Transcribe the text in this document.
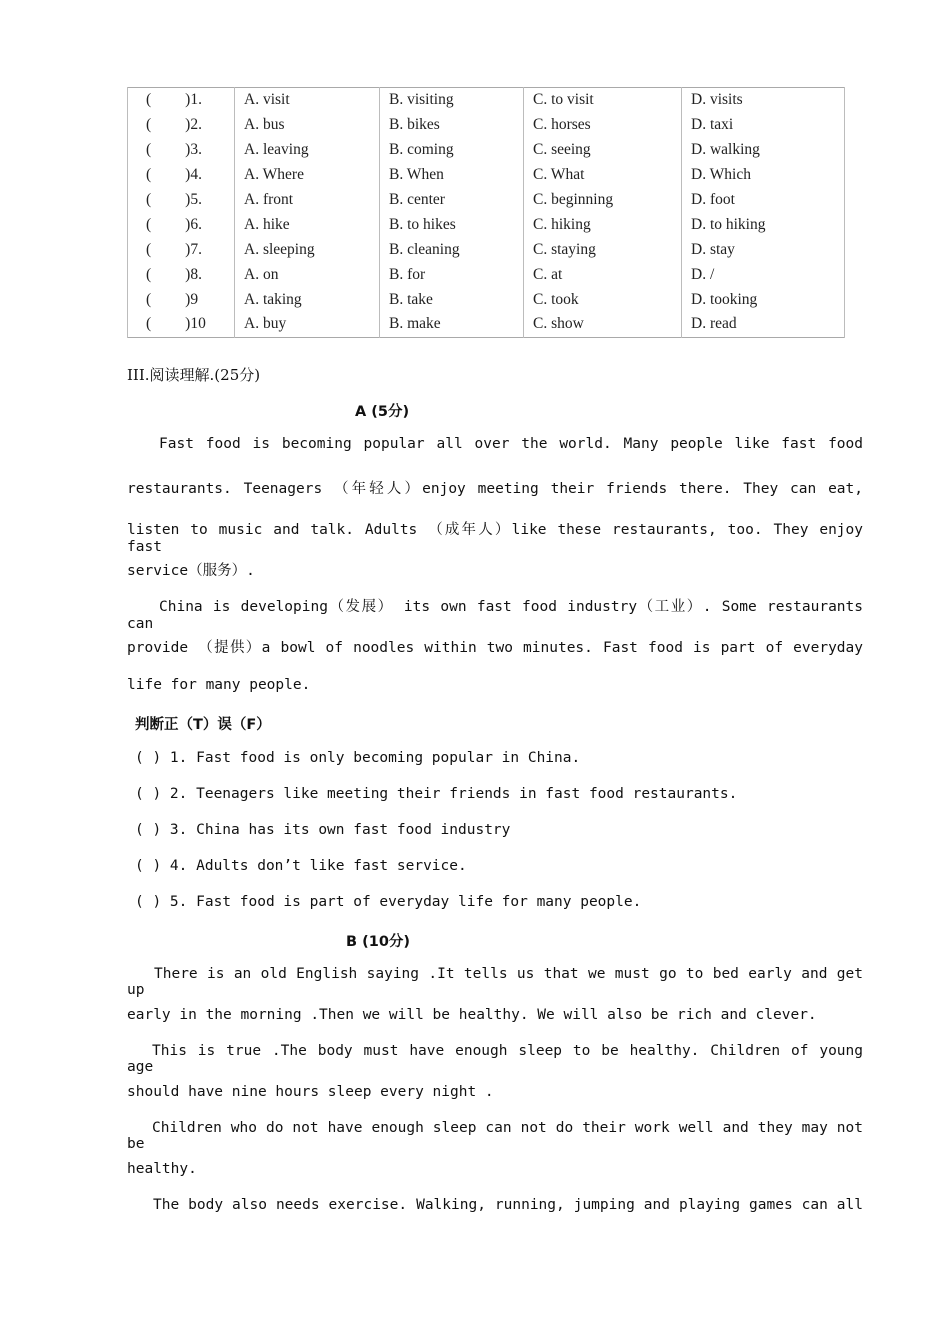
( )1.	A. visit	B. visiting	C. to visit	D. visits
( )2.	A. bus	B. bikes	C. horses	D. taxi
( )3.	A. leaving	B. coming	C. seeing	D. walking
( )4.	A. Where	B. When	C. What	D. Which
( )5.	A. front	B. center	C. beginning	D. foot
( )6.	A. hike	B. to hikes	C. hiking	D. to hiking
( )7.	A. sleeping	B. cleaning	C. staying	D. stay
( )8.	A. on	B. for	C. at	D. /
( )9	A. taking	B. take	C. took	D. tooking
( )10	A. buy	B. make	C. show	D. read
III.阅读理解.(25分)
A (5分)
Fast food is becoming popular all over the world. Many people like fast food
restaurants. Teenagers （年轻人）enjoy meeting their friends there. They can eat,
listen to music and talk. Adults （成年人）like these restaurants, too. They enjoy fast
service（服务）.
China is developing（发展） its own fast food industry（工业）. Some restaurants can
provide （提供）a bowl of noodles within two minutes. Fast food is part of everyday
life for many people.
判断正（T）误（F）
( ) 1. Fast food is only becoming popular in China.
( ) 2. Teenagers like meeting their friends in fast food restaurants.
( ) 3. China has its own fast food industry
( ) 4. Adults don’t like fast service.
( ) 5. Fast food is part of everyday life for many people.
B (10分)
There is an old English saying .It tells us that we must go to bed early and get up
early in the morning .Then we will be healthy. We will also be rich and clever.
This is true .The body must have enough sleep to be healthy. Children of young age
should have nine hours sleep every night .
Children who do not have enough sleep can not do their work well and they may not be
healthy.
The body also needs exercise. Walking, running, jumping and playing games can all
